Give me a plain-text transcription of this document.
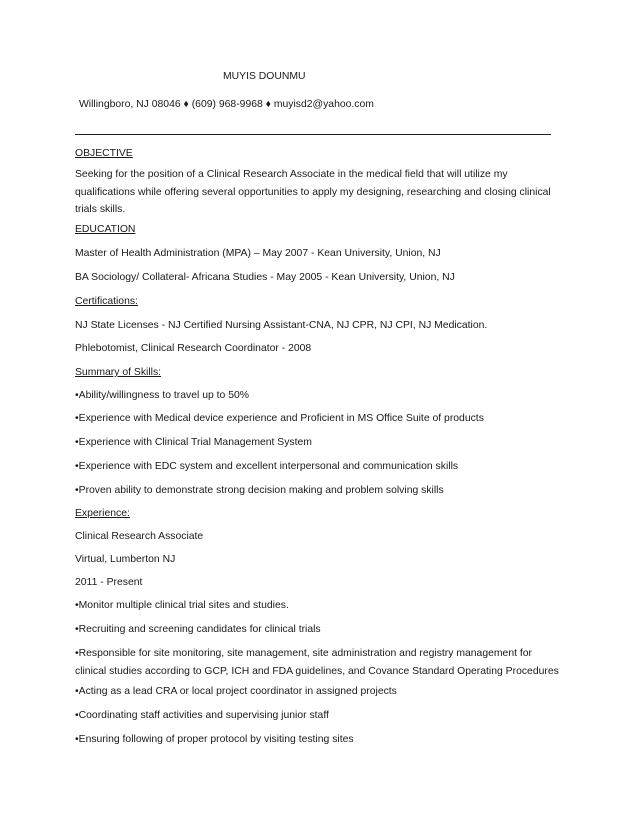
MUYIS DOUNMU
Willingboro, NJ 08046 ♦ (609) 968-9968 ♦ muyisd2@yahoo.com
OBJECTIVE
Seeking for the position of a Clinical Research Associate in the medical field that will utilize my
qualifications while offering several opportunities to apply my designing, researching and closing clinical
trials skills.
EDUCATION
Master of Health Administration (MPA) – May 2007 - Kean University, Union, NJ
BA Sociology/ Collateral- Africana Studies - May 2005 - Kean University, Union, NJ
Certifications:
NJ State Licenses - NJ Certified Nursing Assistant-CNA, NJ CPR, NJ CPI, NJ Medication.
Phlebotomist, Clinical Research Coordinator - 2008
Summary of Skills:
•Ability/willingness to travel up to 50%
•Experience with Medical device experience and Proficient in MS Office Suite of products
•Experience with Clinical Trial Management System
•Experience with EDC system and excellent interpersonal and communication skills
•Proven ability to demonstrate strong decision making and problem solving skills
Experience:
Clinical Research Associate
Virtual, Lumberton NJ
2011 - Present
•Monitor multiple clinical trial sites and studies.
•Recruiting and screening candidates for clinical trials
•Responsible for site monitoring, site management, site administration and registry management for
clinical studies according to GCP, ICH and FDA guidelines, and Covance Standard Operating Procedures
•Acting as a lead CRA or local project coordinator in assigned projects
•Coordinating staff activities and supervising junior staff
•Ensuring following of proper protocol by visiting testing sites
